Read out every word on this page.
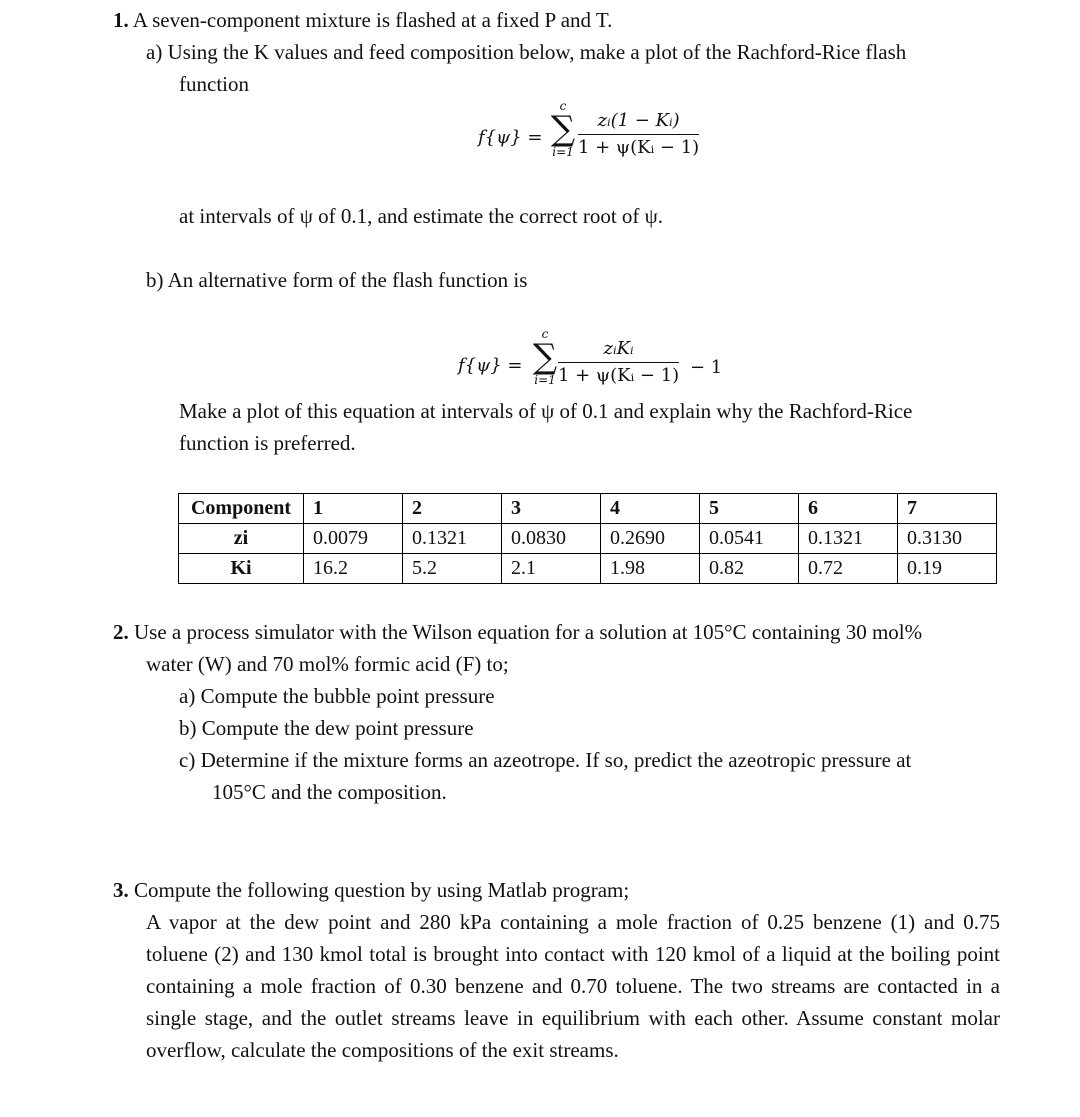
1. A seven-component mixture is flashed at a fixed P and T.
a) Using the K values and feed composition below, make a plot of the Rachford-Rice flash
function
f{ψ} =
c
∑
$i=1 \frac{\text{zᵢ(1 − Kᵢ)}}{\text{1 + ψ(Kᵢ − 1)}}$
at intervals of ψ of 0.1, and estimate the correct root of ψ.
b) An alternative form of the flash function is
f{ψ} =
c
∑
i=1
zᵢKᵢ
1 + ψ(Kᵢ − 1) − 1
Make a plot of this equation at intervals of ψ of 0.1 and explain why the Rachford-Rice
function is preferred.
Component	1	2	3	4	5	6	7
zi	0.0079	0.1321	0.0830	0.2690	0.0541	0.1321	0.3130
Ki	16.2	5.2	2.1	1.98	0.82	0.72	0.19
2. Use a process simulator with the Wilson equation for a solution at 105°C containing 30 mol%
water (W) and 70 mol% formic acid (F) to;
a) Compute the bubble point pressure
b) Compute the dew point pressure
c) Determine if the mixture forms an azeotrope. If so, predict the azeotropic pressure at
105°C and the composition.
3. Compute the following question by using Matlab program;
A vapor at the dew point and 280 kPa containing a mole fraction of 0.25 benzene (1) and 0.75 toluene (2) and 130 kmol total is brought into contact with 120 kmol of a liquid at the boiling point containing a mole fraction of 0.30 benzene and 0.70 toluene. The two streams are contacted in a single stage, and the outlet streams leave in equilibrium with each other. Assume constant molar overflow, calculate the compositions of the exit streams.
